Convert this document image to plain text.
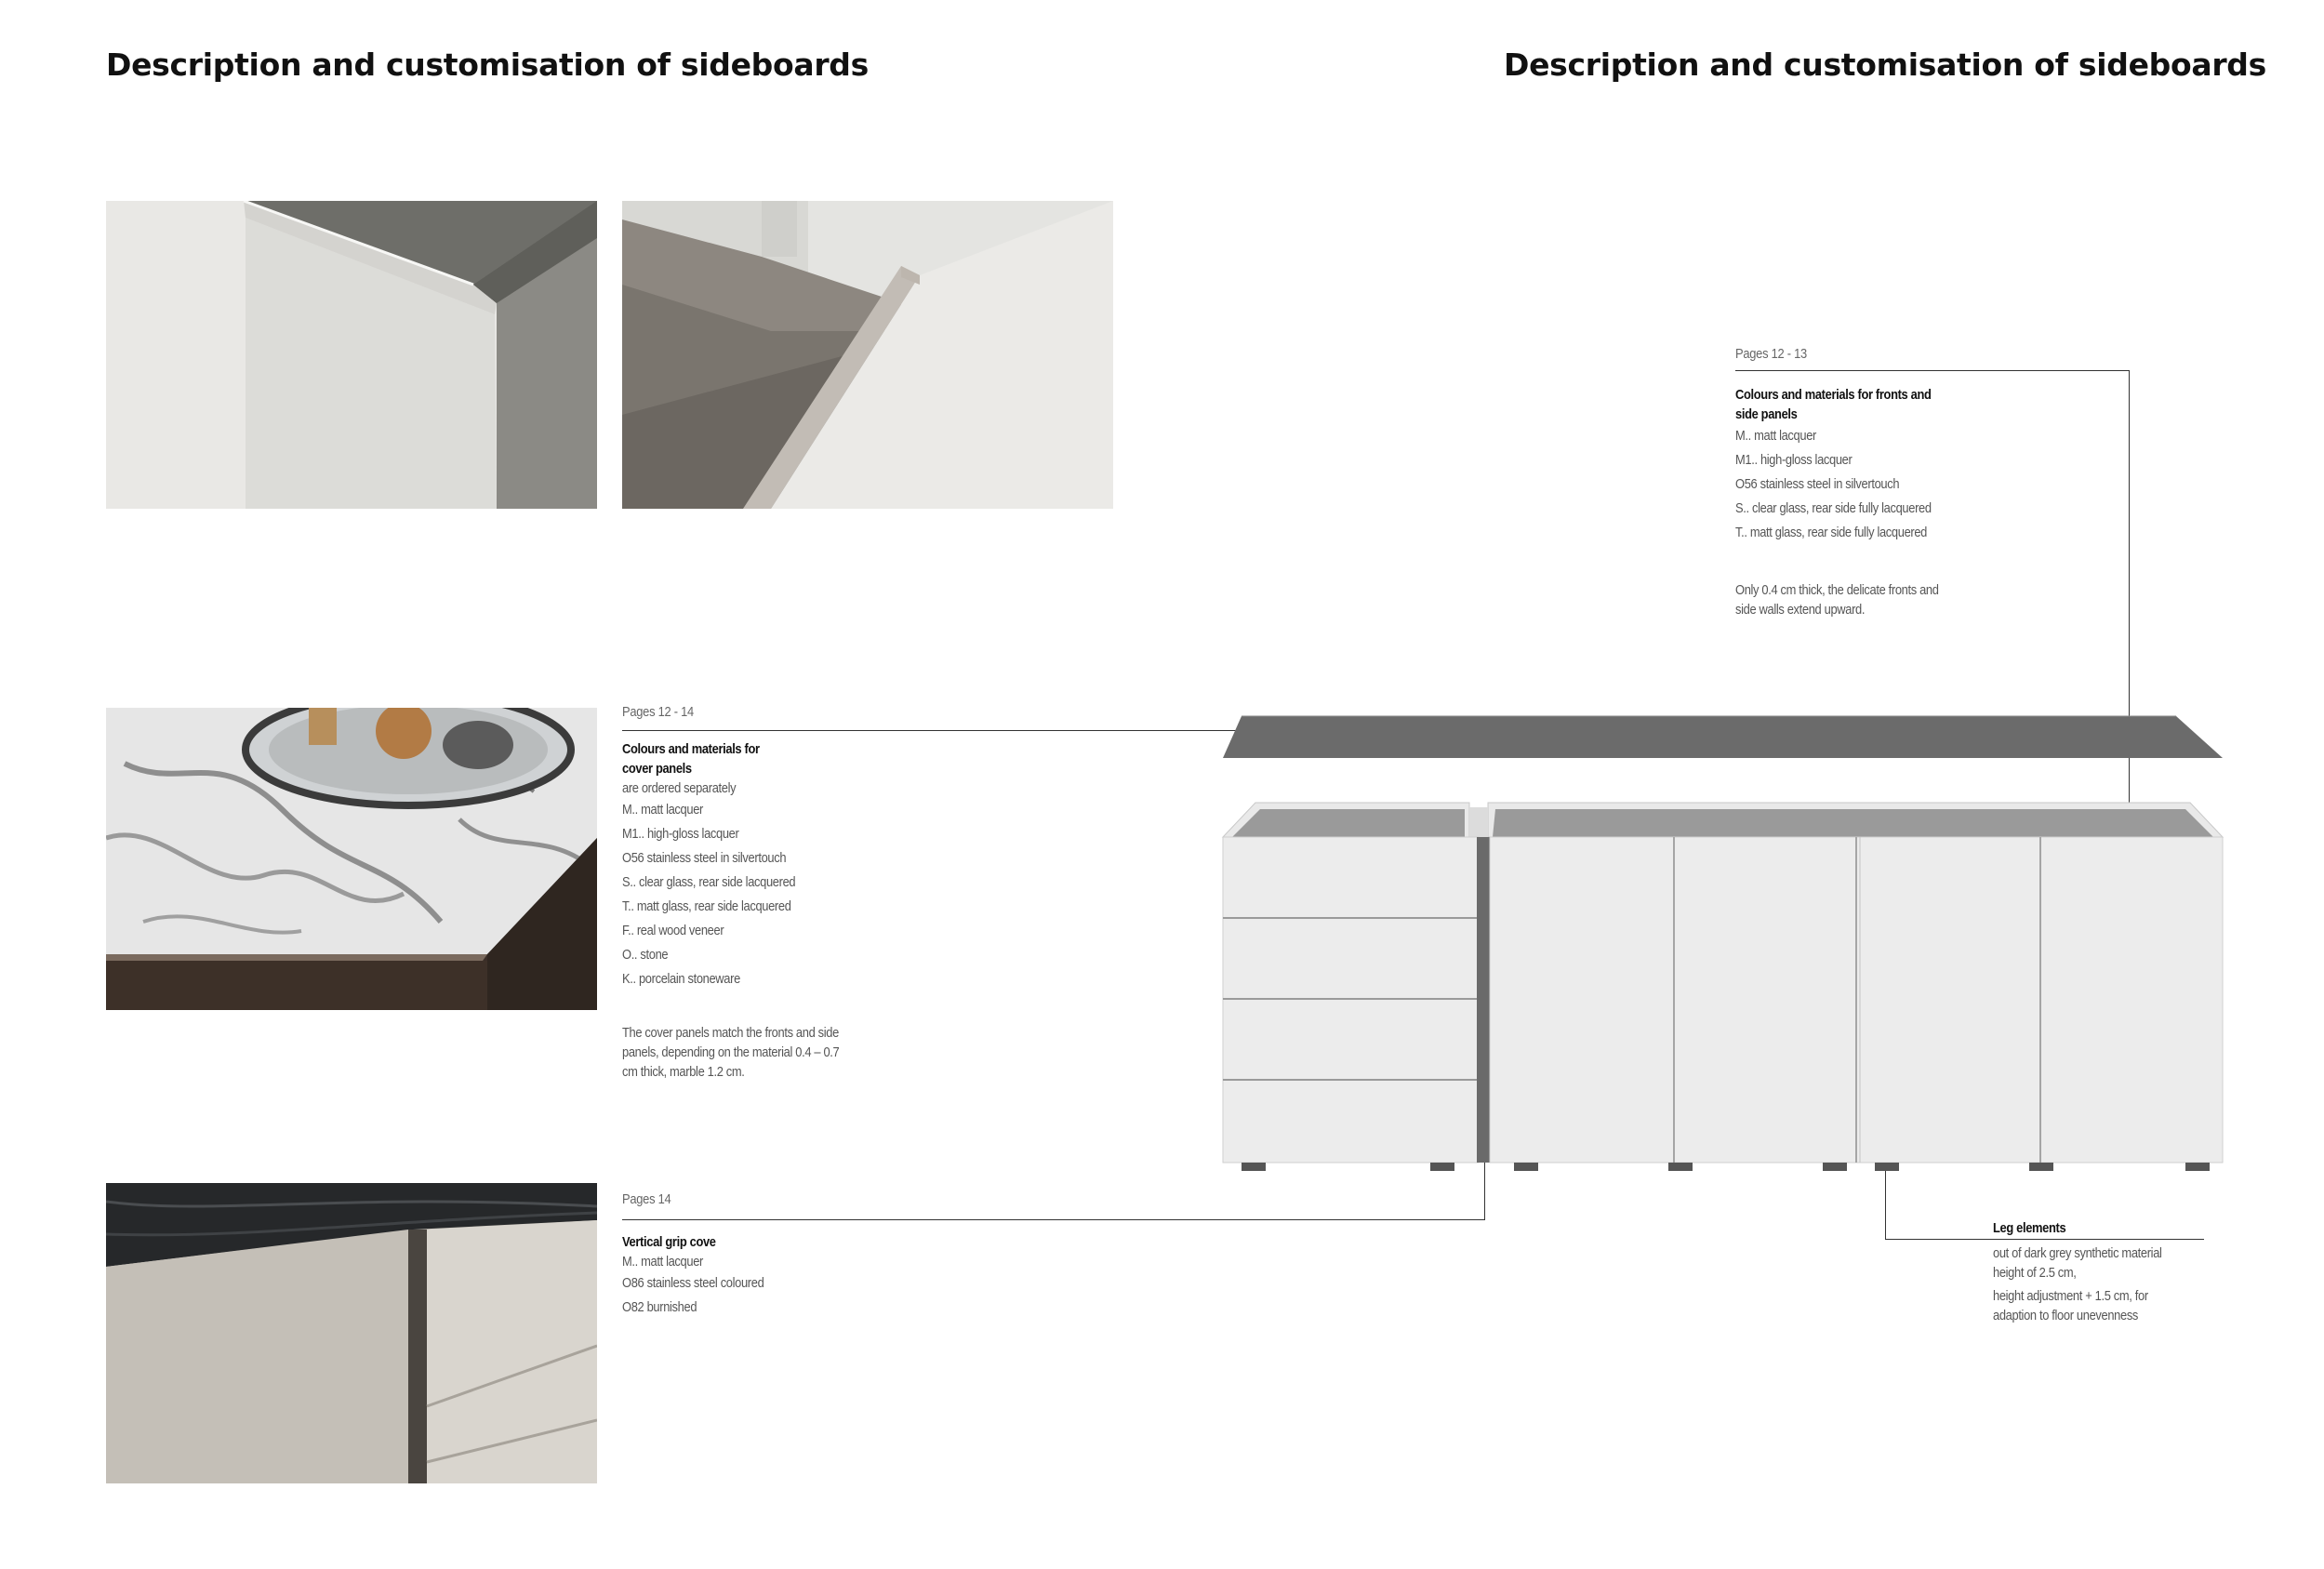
Description and customisation of sideboards	Description and customisation of sideboards
Pages 12 - 13
Colours and materials for fronts and side panels
M.. matt lacquer
M1.. high-gloss lacquer
O56 stainless steel in silvertouch
S.. clear glass, rear side fully lacquered
T.. matt glass, rear side fully lacquered
Only 0.4 cm thick, the delicate fronts and side walls extend upward.
Pages 12 - 14
Colours and materials for cover panels
are ordered separately
M.. matt lacquer
M1.. high-gloss lacquer
O56 stainless steel in silvertouch
S.. clear glass, rear side lacquered
T.. matt glass, rear side lacquered
F.. real wood veneer
O.. stone
K.. porcelain stoneware
The cover panels match the fronts and side panels, depending on the material 0.4 – 0.7 cm thick, marble 1.2 cm.
Pages 14
Vertical grip cove
M.. matt lacquer
O86 stainless steel coloured
O82 burnished
Leg elements
out of dark grey synthetic material height of 2.5 cm,
height adjustment + 1.5 cm, for adaption to floor unevenness
